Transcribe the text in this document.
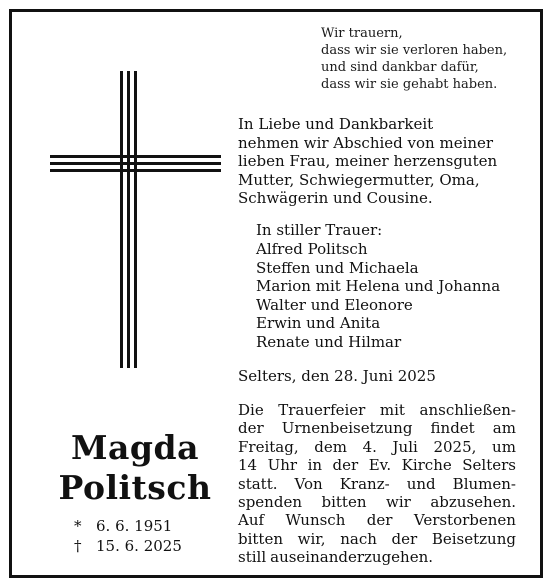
Wir trauern,
dass wir sie verloren haben,
und sind dankbar dafür,
dass wir sie gehabt haben.
In Liebe und Dankbarkeit
nehmen wir Abschied von meiner
lieben Frau, meiner herzensguten
Mutter, Schwiegermutter, Oma,
Schwägerin und Cousine.
In stiller Trauer:
Alfred Politsch
Steffen und Michaela
Marion mit Helena und Johanna
Walter und Eleonore
Erwin und Anita
Renate und Hilmar
Selters, den 28. Juni 2025
Die Trauerfeier mit anschließen-
der Urnenbeisetzung findet am
Freitag, dem 4. Juli 2025, um
14 Uhr in der Ev. Kirche Selters
statt. Von Kranz- und Blumen-
spenden bitten wir abzusehen.
Auf Wunsch der Verstorbenen
bitten wir, nach der Beisetzung
still auseinanderzugehen.
Magda
Politsch
* 6. 6. 1951
† 15. 6. 2025
